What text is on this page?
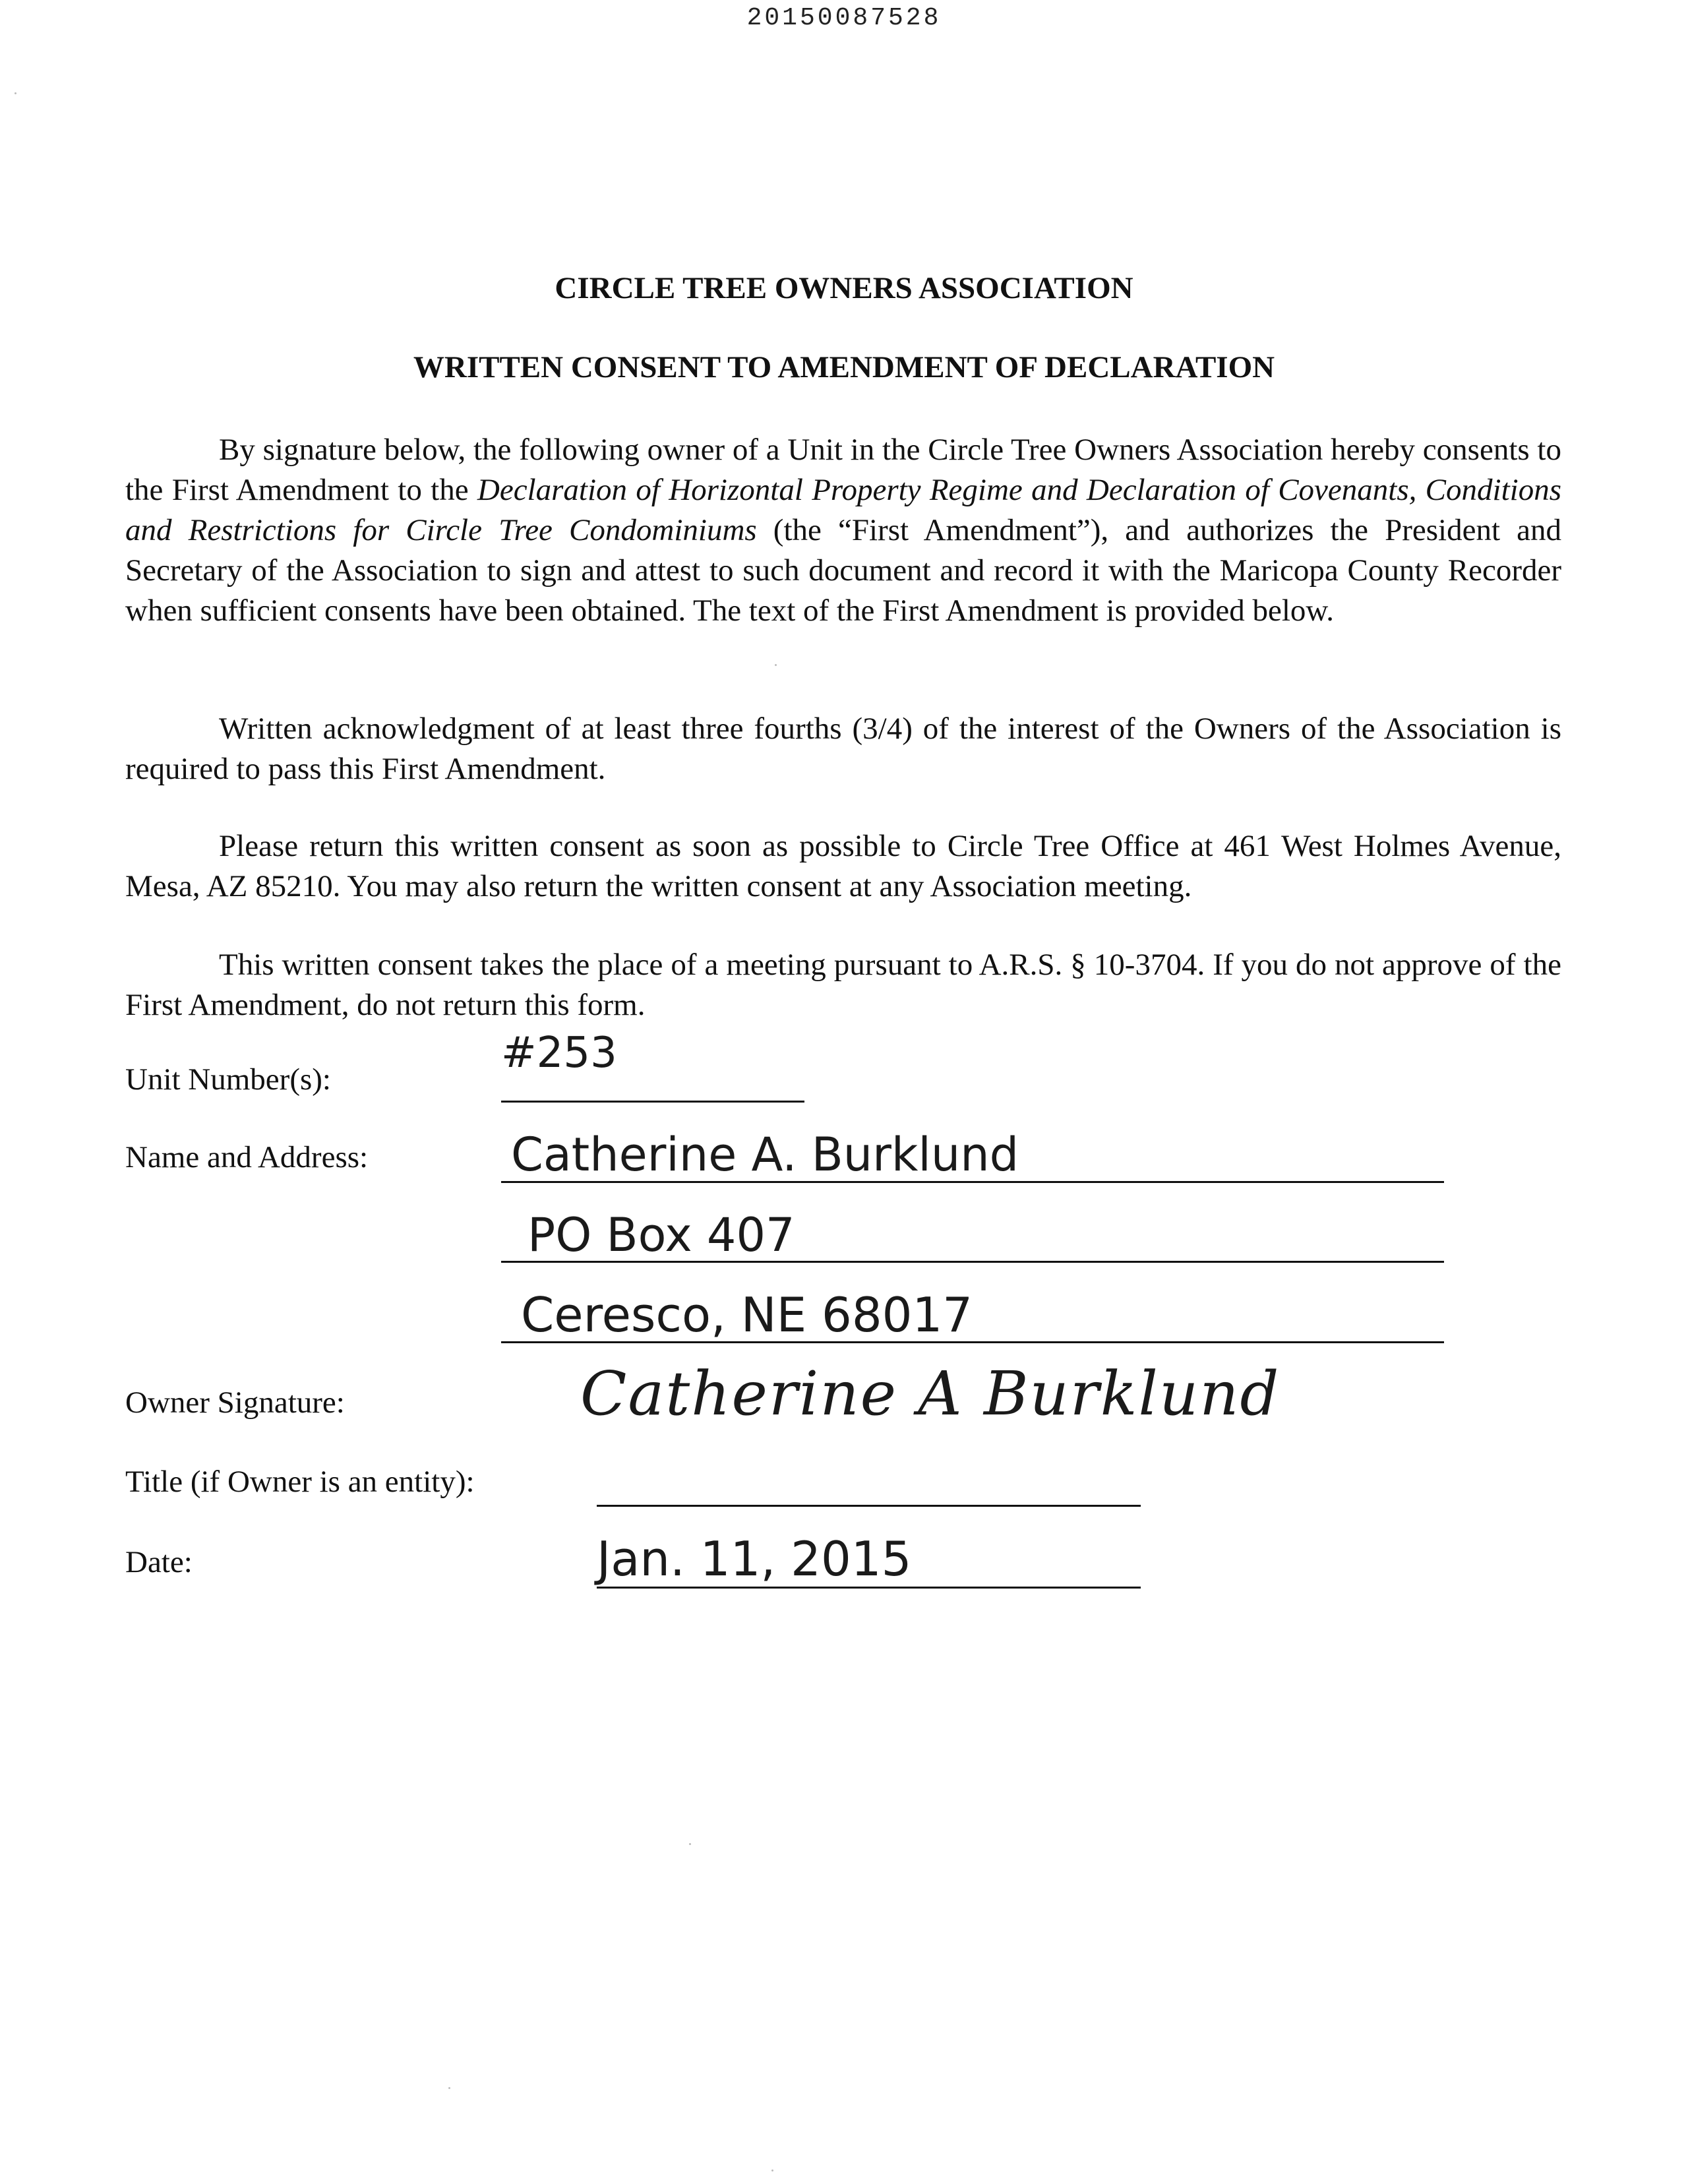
20150087528
CIRCLE TREE OWNERS ASSOCIATION
WRITTEN CONSENT TO AMENDMENT OF DECLARATION

By signature below, the following owner of a Unit in the Circle Tree Owners Association hereby consents to the First Amendment to the Declaration of Horizontal Property Regime and Declaration of Covenants, Conditions and Restrictions for Circle Tree Condominiums (the “First Amendment”), and authorizes the President and Secretary of the Association to sign and attest to such document and record it with the Maricopa County Recorder when sufficient consents have been obtained. The text of the First Amendment is provided below.

Written acknowledgment of at least three fourths (3/4) of the interest of the Owners of the Association is required to pass this First Amendment.

Please return this written consent as soon as possible to Circle Tree Office at 461 West Holmes Avenue, Mesa, AZ 85210. You may also return the written consent at any Association meeting.

This written consent takes the place of a meeting pursuant to A.R.S. § 10-3704. If you do not approve of the First Amendment, do not return this form.

Unit Number(s):
#253
Name and Address:	Catherine A. Burklund
PO Box 407
Ceresco, NE 68017
Owner Signature:	Catherine A Burklund
Title (if Owner is an entity):
Date:	Jan. 11, 2015
